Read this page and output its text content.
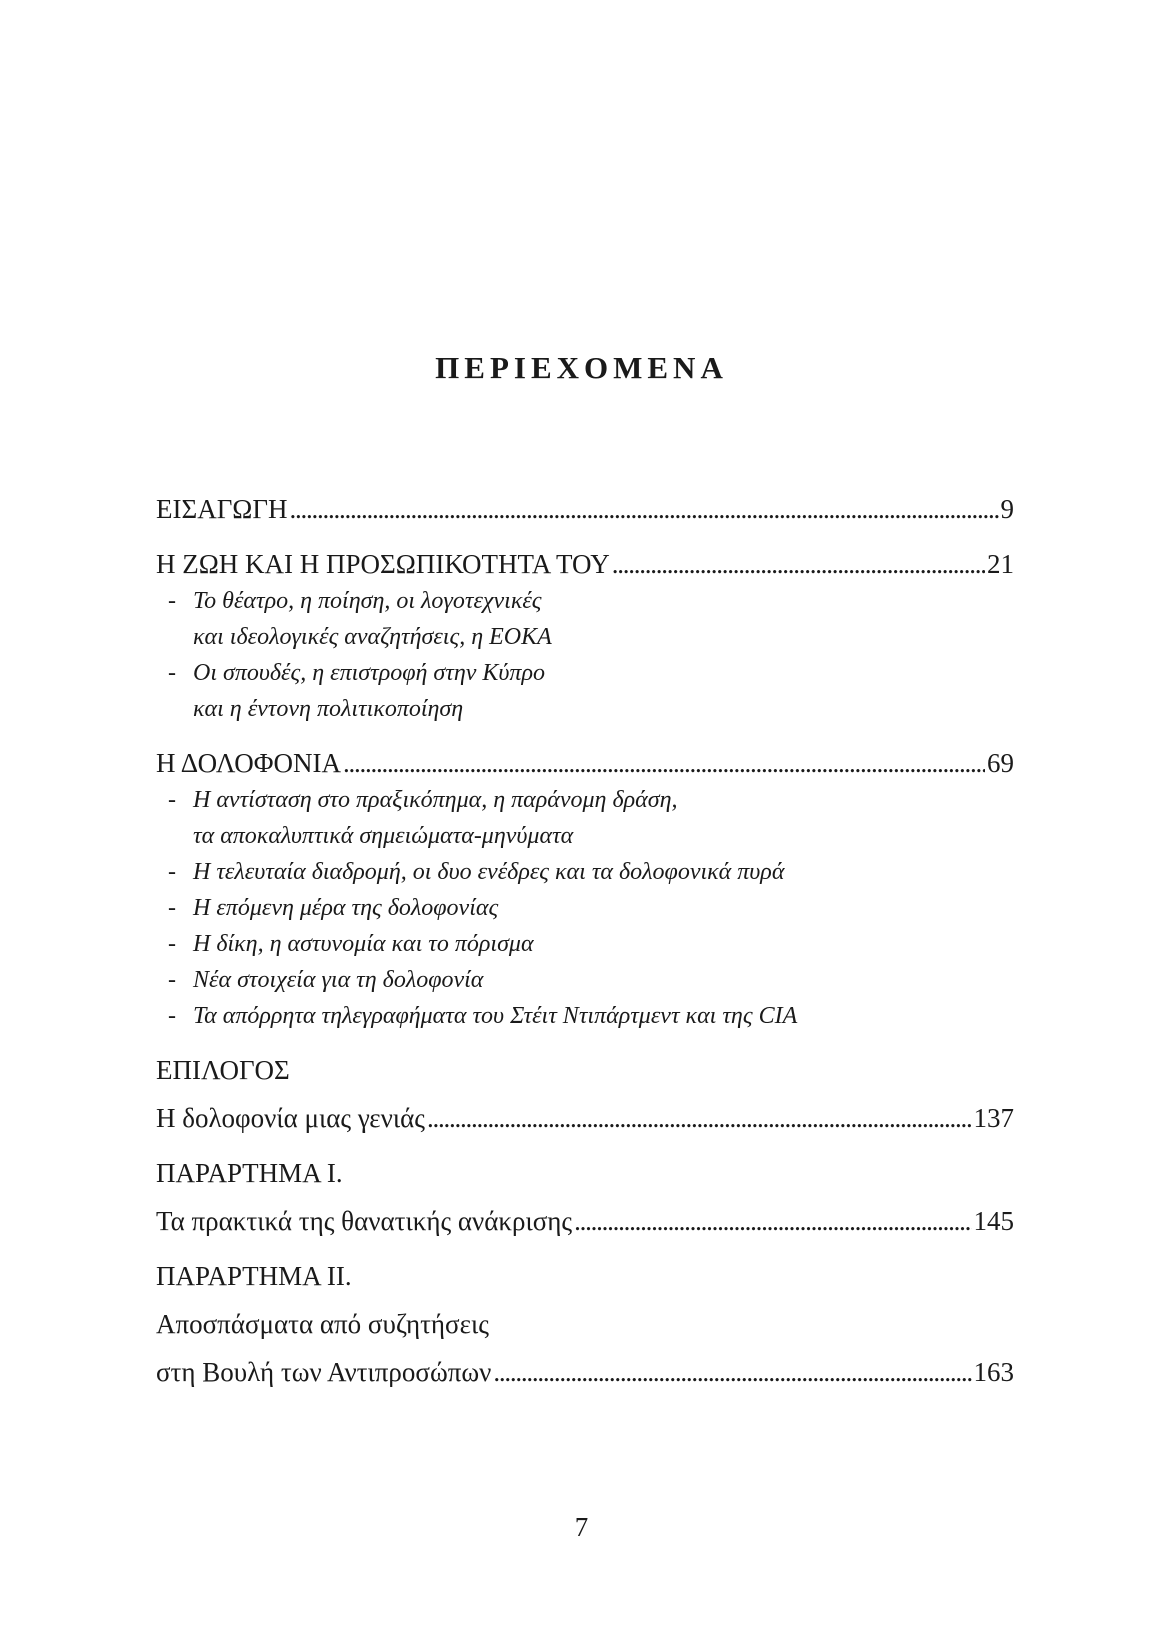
ΠΕΡΙΕΧΟΜΕΝΑ
ΕΙΣΑΓΩΓΗ . . .	9
Η ΖΩΗ ΚΑΙ Η ΠΡΟΣΩΠΙΚΟΤΗΤΑ ΤΟΥ . . .	21
- Το θέατρο, η ποίηση, οι λογοτεχνικές
και ιδεολογικές αναζητήσεις, η ΕΟΚΑ
- Οι σπουδές, η επιστροφή στην Κύπρο
και η έντονη πολιτικοποίηση
Η ΔΟΛΟΦΟΝΙΑ . . .	69
- Η αντίσταση στο πραξικόπημα, η παράνομη δράση,
τα αποκαλυπτικά σημειώματα-μηνύματα
- Η τελευταία διαδρομή, οι δυο ενέδρες και τα δολοφονικά πυρά
- Η επόμενη μέρα της δολοφονίας
- Η δίκη, η αστυνομία και το πόρισμα
- Νέα στοιχεία για τη δολοφονία
- Τα απόρρητα τηλεγραφήματα του Στέιτ Ντιπάρτμεντ και της CIA
ΕΠΙΛΟΓΟΣ
Η δολοφονία μιας γενιάς . . .	137
ΠΑΡΑΡΤΗΜΑ Ι.
Τα πρακτικά της θανατικής ανάκρισης . . .	145
ΠΑΡΑΡΤΗΜΑ ΙΙ.
Αποσπάσματα από συζητήσεις
στη Βουλή των Αντιπροσώπων . . .	163
7
